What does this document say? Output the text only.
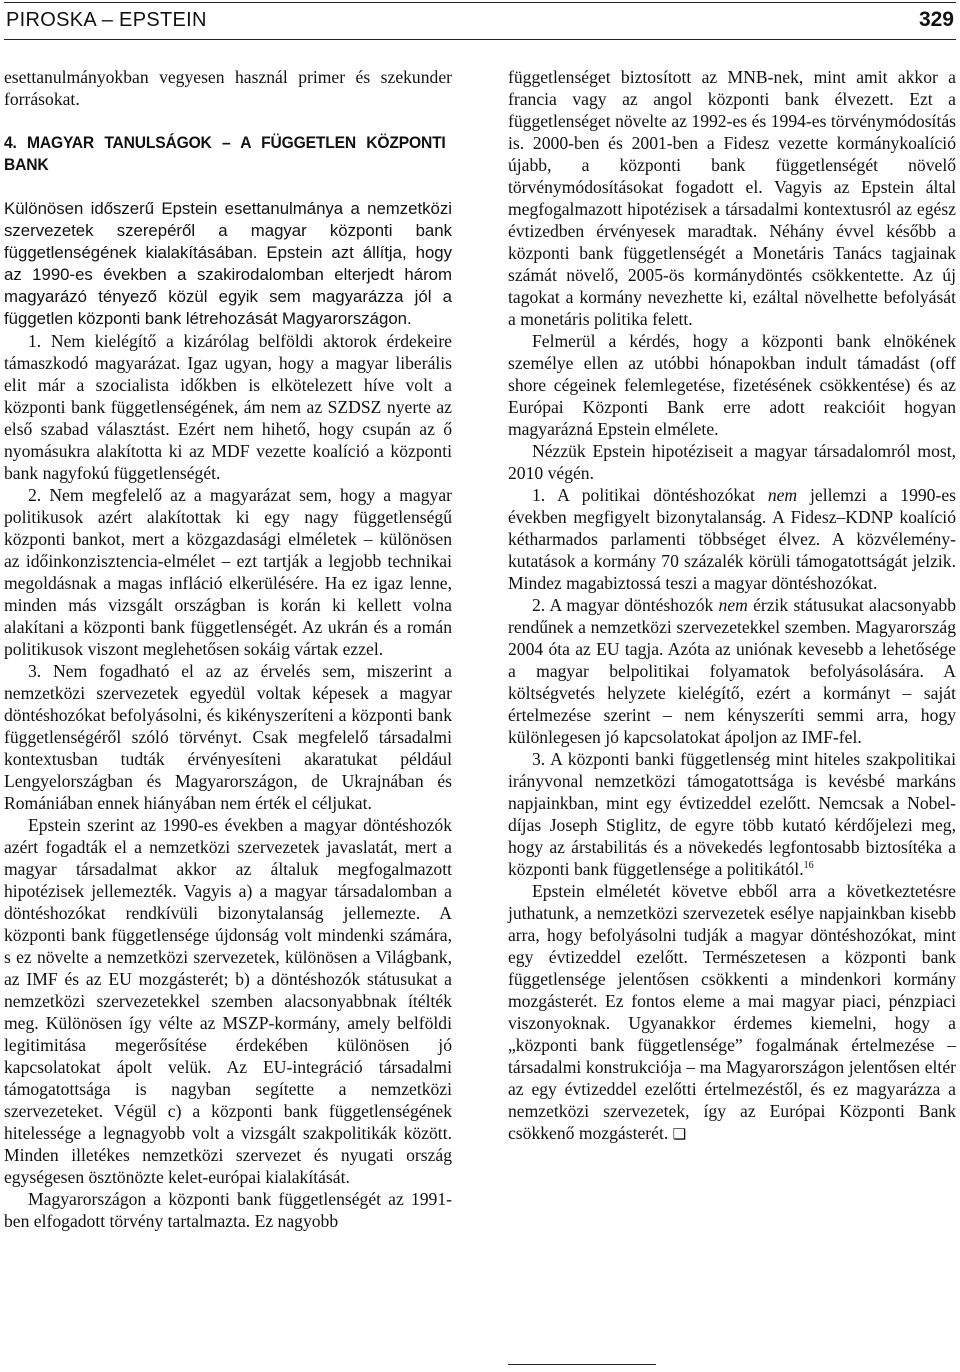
PIROSKA – EPSTEIN	329

esettanulmányokban vegyesen használ primer és szekunder forrásokat.

4. MAGYAR TANULSÁGOK – A FÜGGETLEN KÖZPONTI BANK

Különösen időszerű Epstein esettanulmánya a nemzetközi szervezetek szerepéről a magyar központi bank függetlenségének kialakításában. Epstein azt állítja, hogy az 1990-es években a szakirodalomban elterjedt három magyarázó tényező közül egyik sem magyarázza jól a független központi bank létrehozását Magyarországon.

1. Nem kielégítő a kizárólag belföldi aktorok érdekeire támaszkodó magyarázat. Igaz ugyan, hogy a magyar liberális elit már a szocialista időkben is elkötelezett híve volt a központi bank függetlenségének, ám nem az SZDSZ nyerte az első szabad választást. Ezért nem hihető, hogy csupán az ő nyomásukra alakította ki az MDF vezette koalíció a központi bank nagyfokú függetlenségét.

2. Nem megfelelő az a magyarázat sem, hogy a magyar politikusok azért alakítottak ki egy nagy függetlenségű központi bankot, mert a közgazdasági elméletek – különösen az időinkonzisztencia-elmélet – ezt tartják a legjobb technikai megoldásnak a magas infláció elkerülésére. Ha ez igaz lenne, minden más vizsgált országban is korán ki kellett volna alakítani a központi bank függetlenségét. Az ukrán és a román politikusok viszont meglehetősen sokáig vártak ezzel.

3. Nem fogadható el az az érvelés sem, miszerint a nemzetközi szervezetek egyedül voltak képesek a magyar döntéshozókat befolyásolni, és kikényszeríteni a központi bank függetlenségéről szóló törvényt. Csak megfelelő társadalmi kontextusban tudták érvényesíteni akaratukat például Lengyelországban és Magyarországon, de Ukrajnában és Romániában ennek hiányában nem érték el céljukat.

Epstein szerint az 1990-es években a magyar döntéshozók azért fogadták el a nemzetközi szervezetek javaslatát, mert a magyar társadalmat akkor az általuk megfogalmazott hipotézisek jellemezték. Vagyis a) a magyar társadalomban a döntéshozókat rendkívüli bizonytalanság jellemezte. A központi bank függetlensége újdonság volt mindenki számára, s ez növelte a nemzetközi szervezetek, különösen a Világbank, az IMF és az EU mozgásterét; b) a döntéshozók státusukat a nemzetközi szervezetekkel szemben alacsonyabbnak ítélték meg. Különösen így vélte az MSZP-kormány, amely belföldi legitimitása megerősítése érdekében különösen jó kapcsolatokat ápolt velük. Az EU-integráció társadalmi támogatottsága is nagyban segítette a nemzetközi szervezeteket. Végül c) a központi bank függetlenségének hitelessége a legnagyobb volt a vizsgált szakpolitikák között. Minden illetékes nemzetközi szervezet és nyugati ország egységesen ösztönözte kelet-európai kialakítását.

Magyarországon a központi bank függetlenségét az 1991-ben elfogadott törvény tartalmazta. Ez nagyobb

függetlenséget biztosított az MNB-nek, mint amit akkor a francia vagy az angol központi bank élvezett. Ezt a függetlenséget növelte az 1992-es és 1994-es törvénymódosítás is. 2000-ben és 2001-ben a Fidesz vezette kormánykoalíció újabb, a központi bank függetlenségét növelő törvénymódosításokat fogadott el. Vagyis az Epstein által megfogalmazott hipotézisek a társadalmi kontextusról az egész évtizedben érvényesek maradtak. Néhány évvel később a központi bank függetlenségét a Monetáris Tanács tagjainak számát növelő, 2005-ös kormánydöntés csökkentette. Az új tagokat a kormány nevezhette ki, ezáltal növelhette befolyását a monetáris politika felett.

Felmerül a kérdés, hogy a központi bank elnökének személye ellen az utóbbi hónapokban indult támadást (off shore cégeinek felemlegetése, fizetésének csökkentése) és az Európai Központi Bank erre adott reakcióit hogyan magyarázná Epstein elmélete.

Nézzük Epstein hipotéziseit a magyar társadalomról most, 2010 végén.

1. A politikai döntéshozókat nem jellemzi a 1990-es években megfigyelt bizonytalanság. A Fidesz–KDNP koalíció kétharmados parlamenti többséget élvez. A közvélemény-kutatások a kormány 70 százalék körüli támogatottságát jelzik. Mindez magabiztossá teszi a magyar döntéshozókat.

2. A magyar döntéshozók nem érzik státusukat alacsonyabb rendűnek a nemzetközi szervezetekkel szemben. Magyarország 2004 óta az EU tagja. Azóta az uniónak kevesebb a lehetősége a magyar belpolitikai folyamatok befolyásolására. A költségvetés helyzete kielégítő, ezért a kormányt – saját értelmezése szerint – nem kényszeríti semmi arra, hogy különlegesen jó kapcsolatokat ápoljon az IMF-fel.

3. A központi banki függetlenség mint hiteles szakpolitikai irányvonal nemzetközi támogatottsága is kevésbé markáns napjainkban, mint egy évtizeddel ezelőtt. Nemcsak a Nobel-díjas Joseph Stiglitz, de egyre több kutató kérdőjelezi meg, hogy az árstabilitás és a növekedés legfontosabb biztosítéka a központi bank függetlensége a politikától.$^{16}$

Epstein elméletét követve ebből arra a következtetésre juthatunk, a nemzetközi szervezetek esélye napjainkban kisebb arra, hogy befolyásolni tudják a magyar döntéshozókat, mint egy évtizeddel ezelőtt. Természetesen a központi bank függetlensége jelentősen csökkenti a mindenkori kormány mozgásterét. Ez fontos eleme a mai magyar piaci, pénzpiaci viszonyoknak. Ugyanakkor érdemes kiemelni, hogy a „központi bank függetlensége” fogalmának értelmezése – társadalmi konstrukciója – ma Magyarországon jelentősen eltér az egy évtizeddel ezelőtti értelmezéstől, és ez magyarázza a nemzetközi szervezetek, így az Európai Központi Bank csökkenő mozgásterét. ❏
